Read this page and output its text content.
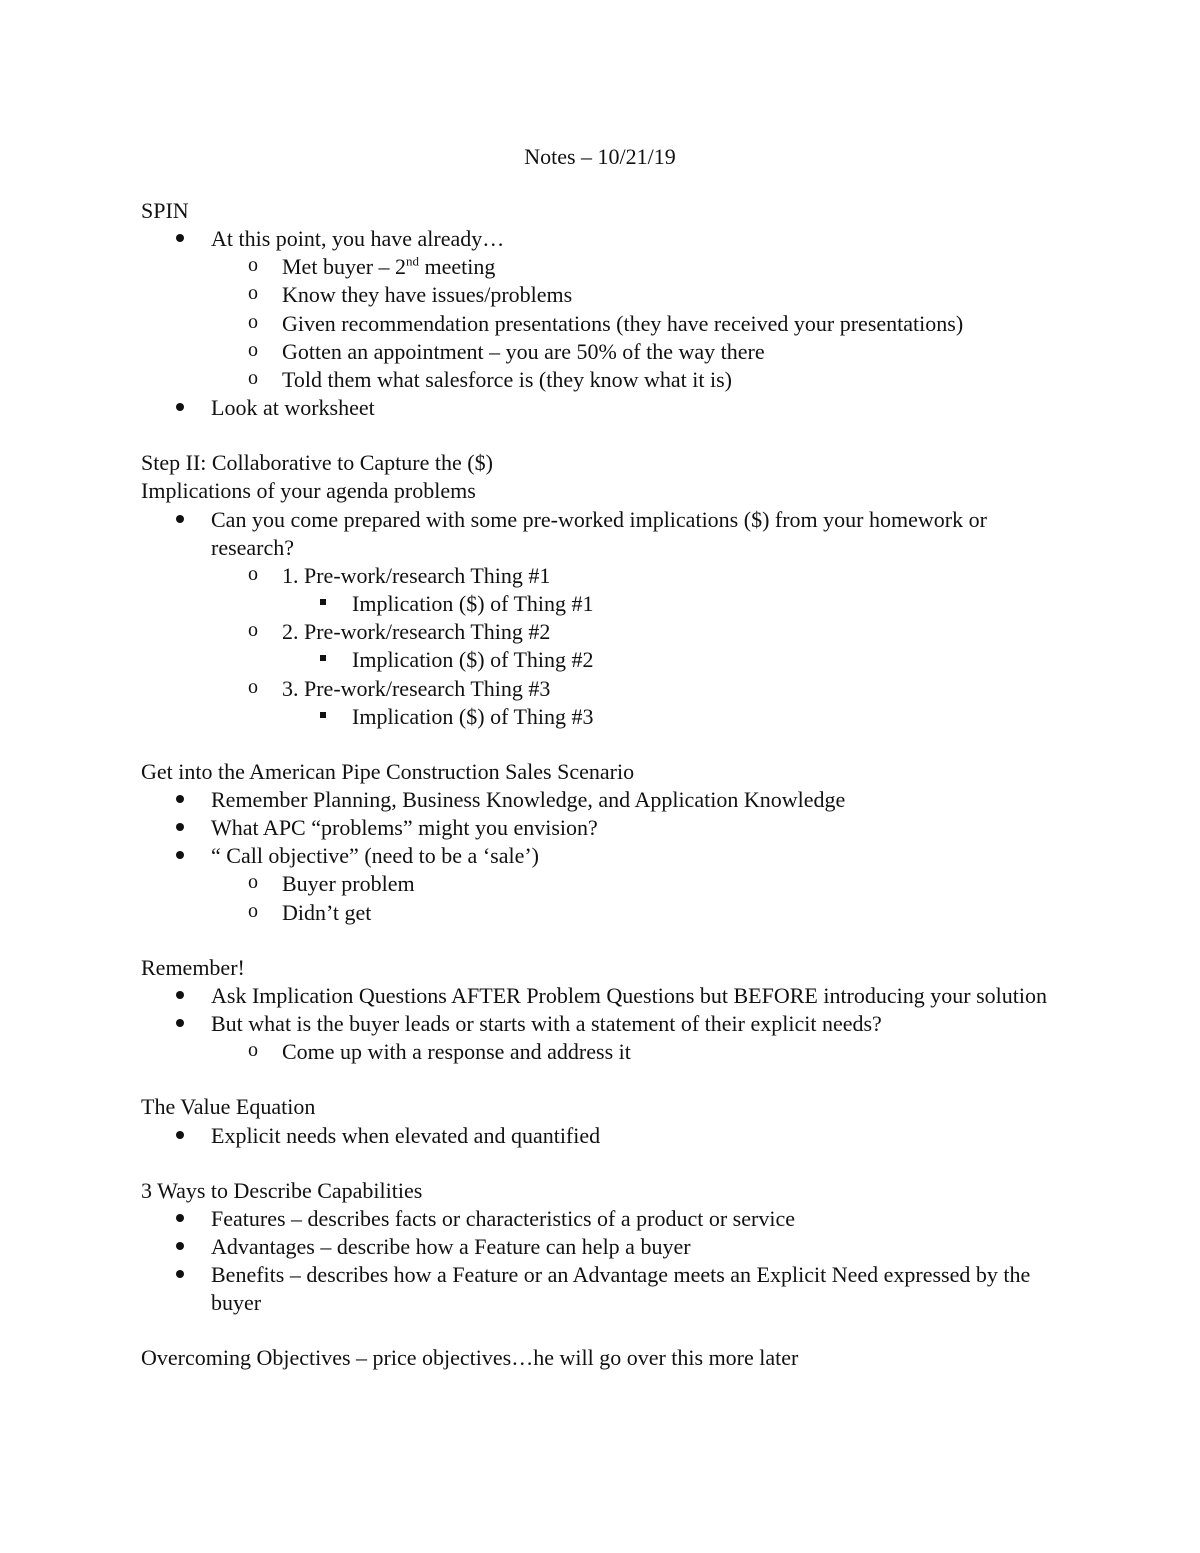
Notes – 10/21/19

SPIN

At this point, you have already…
o Met buyer – 2nd meeting
o Know they have issues/problems
o Given recommendation presentations (they have received your presentations)
o Gotten an appointment – you are 50% of the way there
o Told them what salesforce is (they know what it is)
Look at worksheet

Step II: Collaborative to Capture the ($)

Implications of your agenda problems

Can you come prepared with some pre-worked implications ($) from your homework or research?
o 1. Pre-work/research Thing #1
Implication ($) of Thing #1
o 2. Pre-work/research Thing #2
Implication ($) of Thing #2
o 3. Pre-work/research Thing #3
Implication ($) of Thing #3

Get into the American Pipe Construction Sales Scenario

Remember Planning, Business Knowledge, and Application Knowledge
What APC “problems” might you envision?
“ Call objective” (need to be a ‘sale’)
o Buyer problem
o Didn’t get

Remember!

Ask Implication Questions AFTER Problem Questions but BEFORE introducing your solution
But what is the buyer leads or starts with a statement of their explicit needs?
o Come up with a response and address it

The Value Equation

Explicit needs when elevated and quantified

3 Ways to Describe Capabilities

Features – describes facts or characteristics of a product or service
Advantages – describe how a Feature can help a buyer
Benefits – describes how a Feature or an Advantage meets an Explicit Need expressed by the buyer

Overcoming Objectives – price objectives…he will go over this more later
